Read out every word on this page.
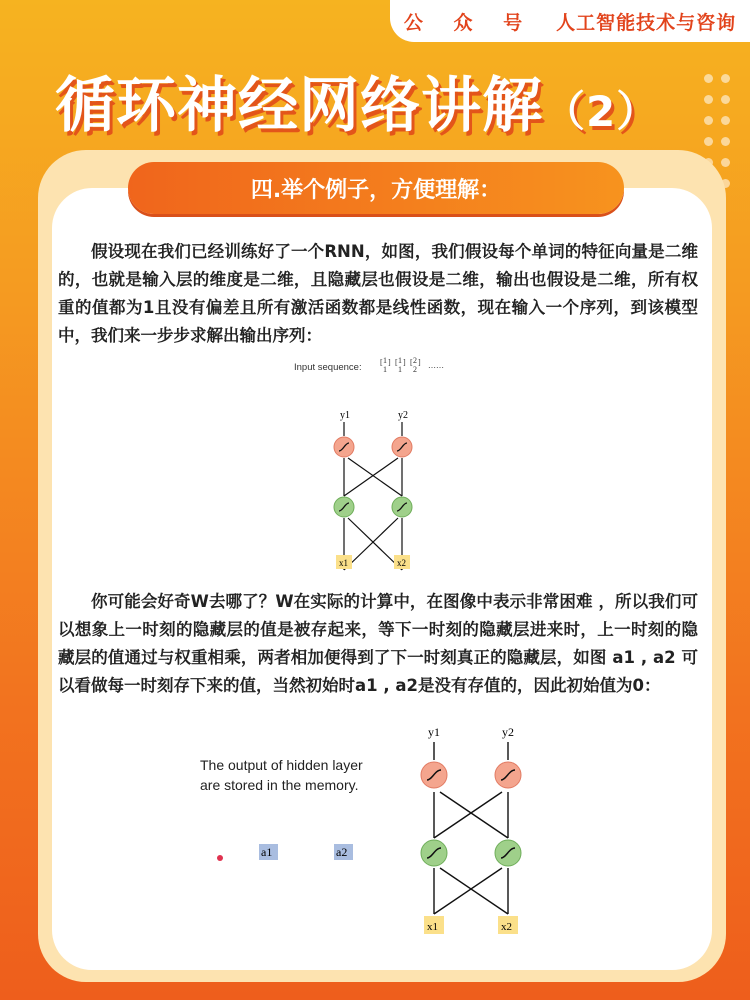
公 众 号 人工智能技术与咨询
循环神经网络讲解（2）
四.举个例子，方便理解：
假设现在我们已经训练好了一个RNN，如图，我们假设每个单词的特征向量是二维的，也就是输入层的维度是二维，且隐藏层也假设是二维，输出也假设是二维，所有权重的值都为1且没有偏差且所有激活函数都是线性函数，现在输入一个序列，到该模型中，我们来一步步求解出输出序列：
Input sequence: [ 1
1
] [ 1
1
] [ 2
2
] ……
y1	y2
x1	x2
你可能会好奇W去哪了？W在实际的计算中，在图像中表示非常困难 ，所以我们可以想象上一时刻的隐藏层的值是被存起来，等下一时刻的隐藏层进来时，上一时刻的隐藏层的值通过与权重相乘，两者相加便得到了下一时刻真正的隐藏层，如图 a1 , a2 可以看做每一时刻存下来的值，当然初始时a1 , a2是没有存值的，因此初始值为0：
The output of hidden layer
are stored in the memory.
a1	a2
y1	y2
x1	x2
